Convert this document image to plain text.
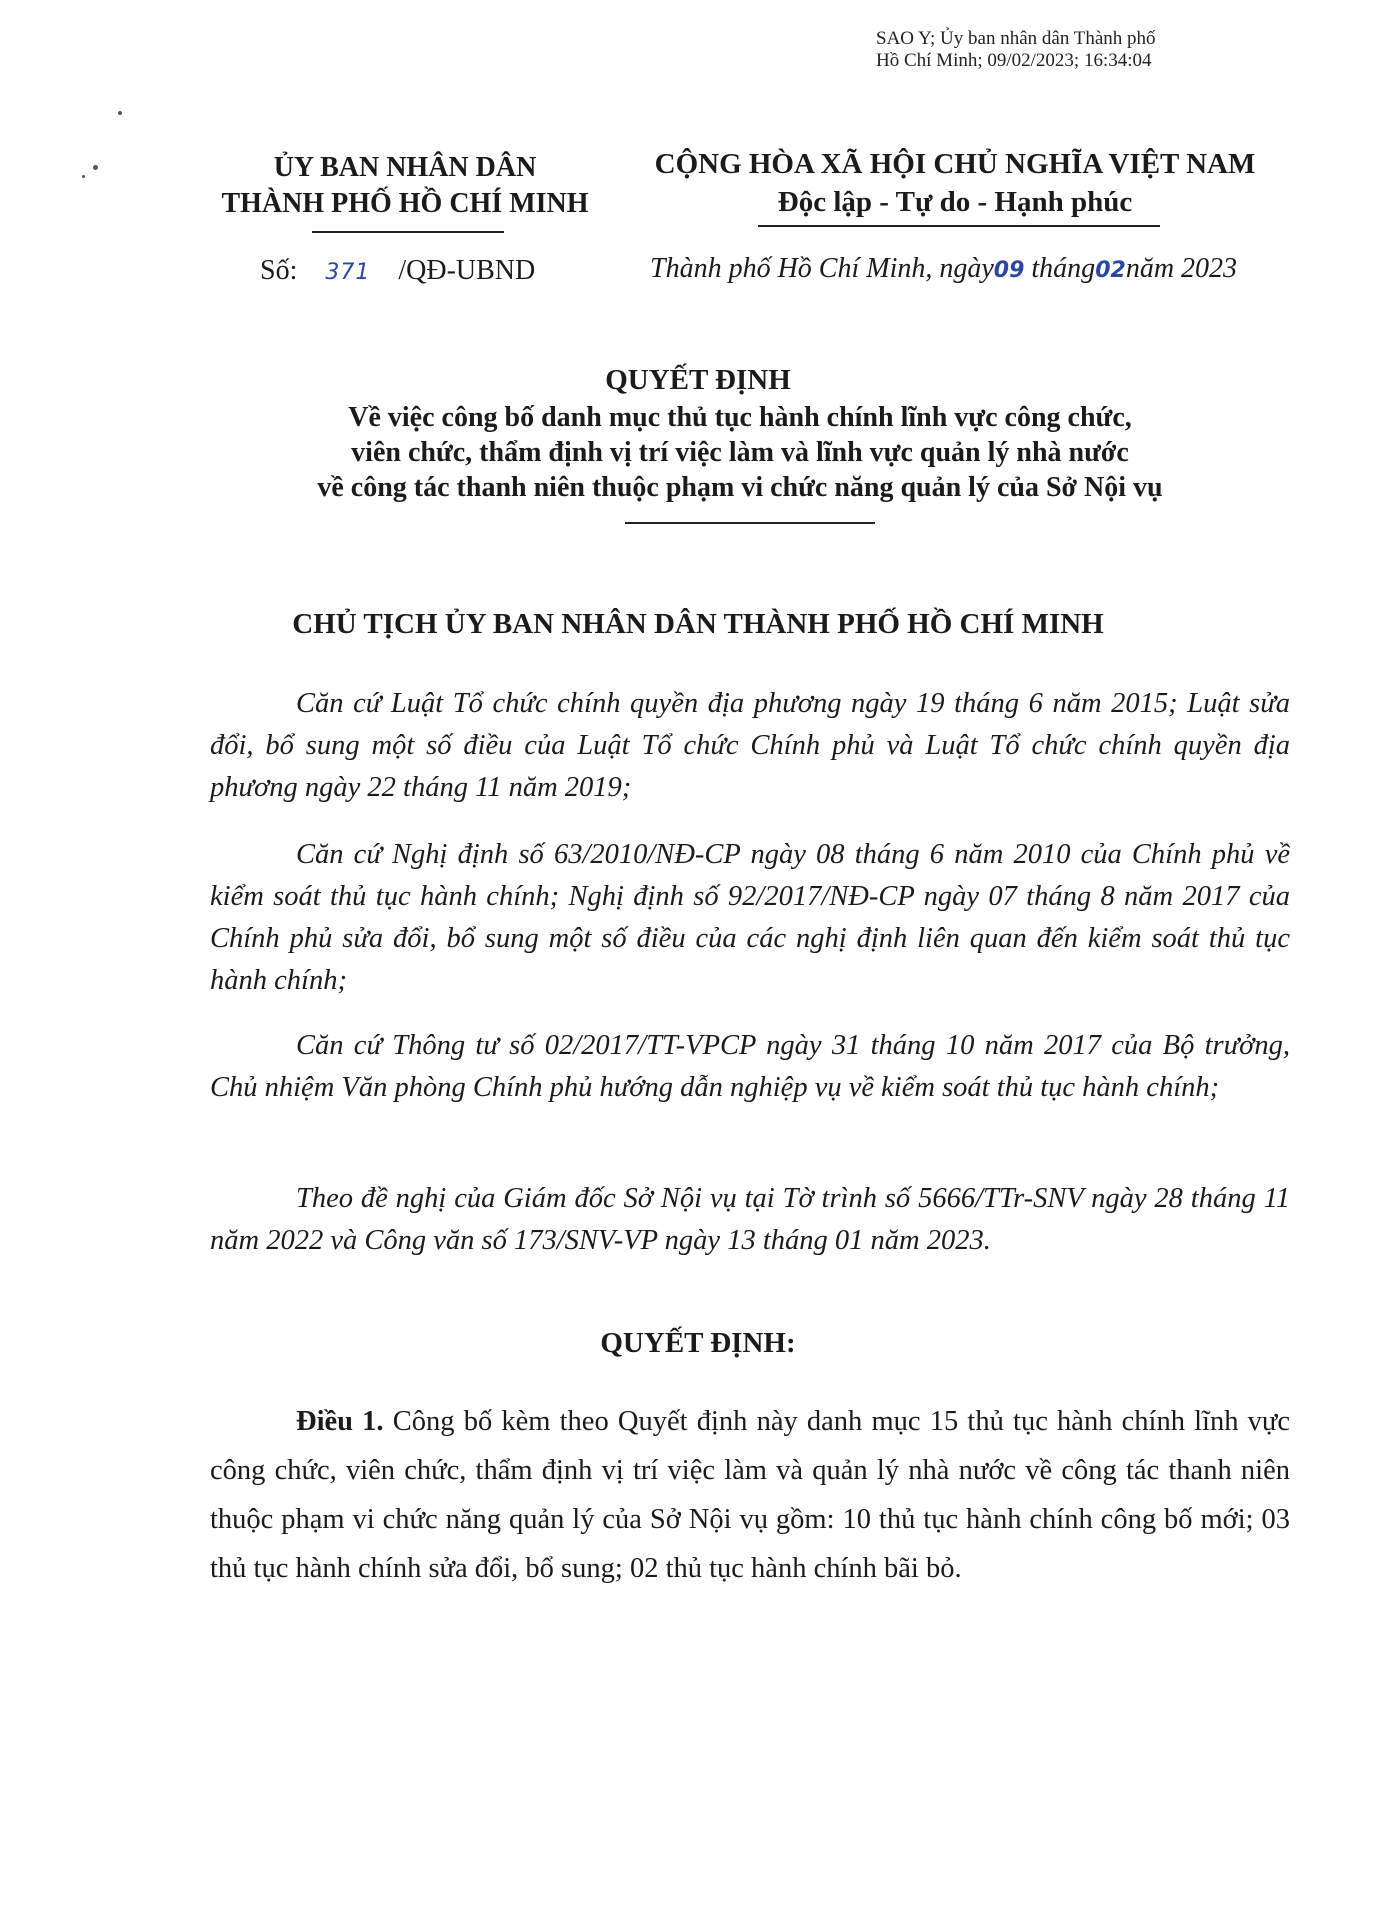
SAO Y; Ủy ban nhân dân Thành phố
Hồ Chí Minh; 09/02/2023; 16:34:04
ỦY BAN NHÂN DÂN
THÀNH PHỐ HỒ CHÍ MINH
CỘNG HÒA XÃ HỘI CHỦ NGHĨA VIỆT NAM
Độc lập - Tự do - Hạnh phúc
Số: 371 /QĐ-UBND	Thành phố Hồ Chí Minh, ngày09 tháng02năm 2023
QUYẾT ĐỊNH
Về việc công bố danh mục thủ tục hành chính lĩnh vực công chức,
viên chức, thẩm định vị trí việc làm và lĩnh vực quản lý nhà nước
về công tác thanh niên thuộc phạm vi chức năng quản lý của Sở Nội vụ
CHỦ TỊCH ỦY BAN NHÂN DÂN THÀNH PHỐ HỒ CHÍ MINH

Căn cứ Luật Tổ chức chính quyền địa phương ngày 19 tháng 6 năm 2015; Luật sửa đổi, bổ sung một số điều của Luật Tổ chức Chính phủ và Luật Tổ chức chính quyền địa phương ngày 22 tháng 11 năm 2019;

Căn cứ Nghị định số 63/2010/NĐ-CP ngày 08 tháng 6 năm 2010 của Chính phủ về kiểm soát thủ tục hành chính; Nghị định số 92/2017/NĐ-CP ngày 07 tháng 8 năm 2017 của Chính phủ sửa đổi, bổ sung một số điều của các nghị định liên quan đến kiểm soát thủ tục hành chính;

Căn cứ Thông tư số 02/2017/TT-VPCP ngày 31 tháng 10 năm 2017 của Bộ trưởng, Chủ nhiệm Văn phòng Chính phủ hướng dẫn nghiệp vụ về kiểm soát thủ tục hành chính;

Theo đề nghị của Giám đốc Sở Nội vụ tại Tờ trình số 5666/TTr-SNV ngày 28 tháng 11 năm 2022 và Công văn số 173/SNV-VP ngày 13 tháng 01 năm 2023.

QUYẾT ĐỊNH:

Điều 1. Công bố kèm theo Quyết định này danh mục 15 thủ tục hành chính lĩnh vực công chức, viên chức, thẩm định vị trí việc làm và quản lý nhà nước về công tác thanh niên thuộc phạm vi chức năng quản lý của Sở Nội vụ gồm: 10 thủ tục hành chính công bố mới; 03 thủ tục hành chính sửa đổi, bổ sung; 02 thủ tục hành chính bãi bỏ.
